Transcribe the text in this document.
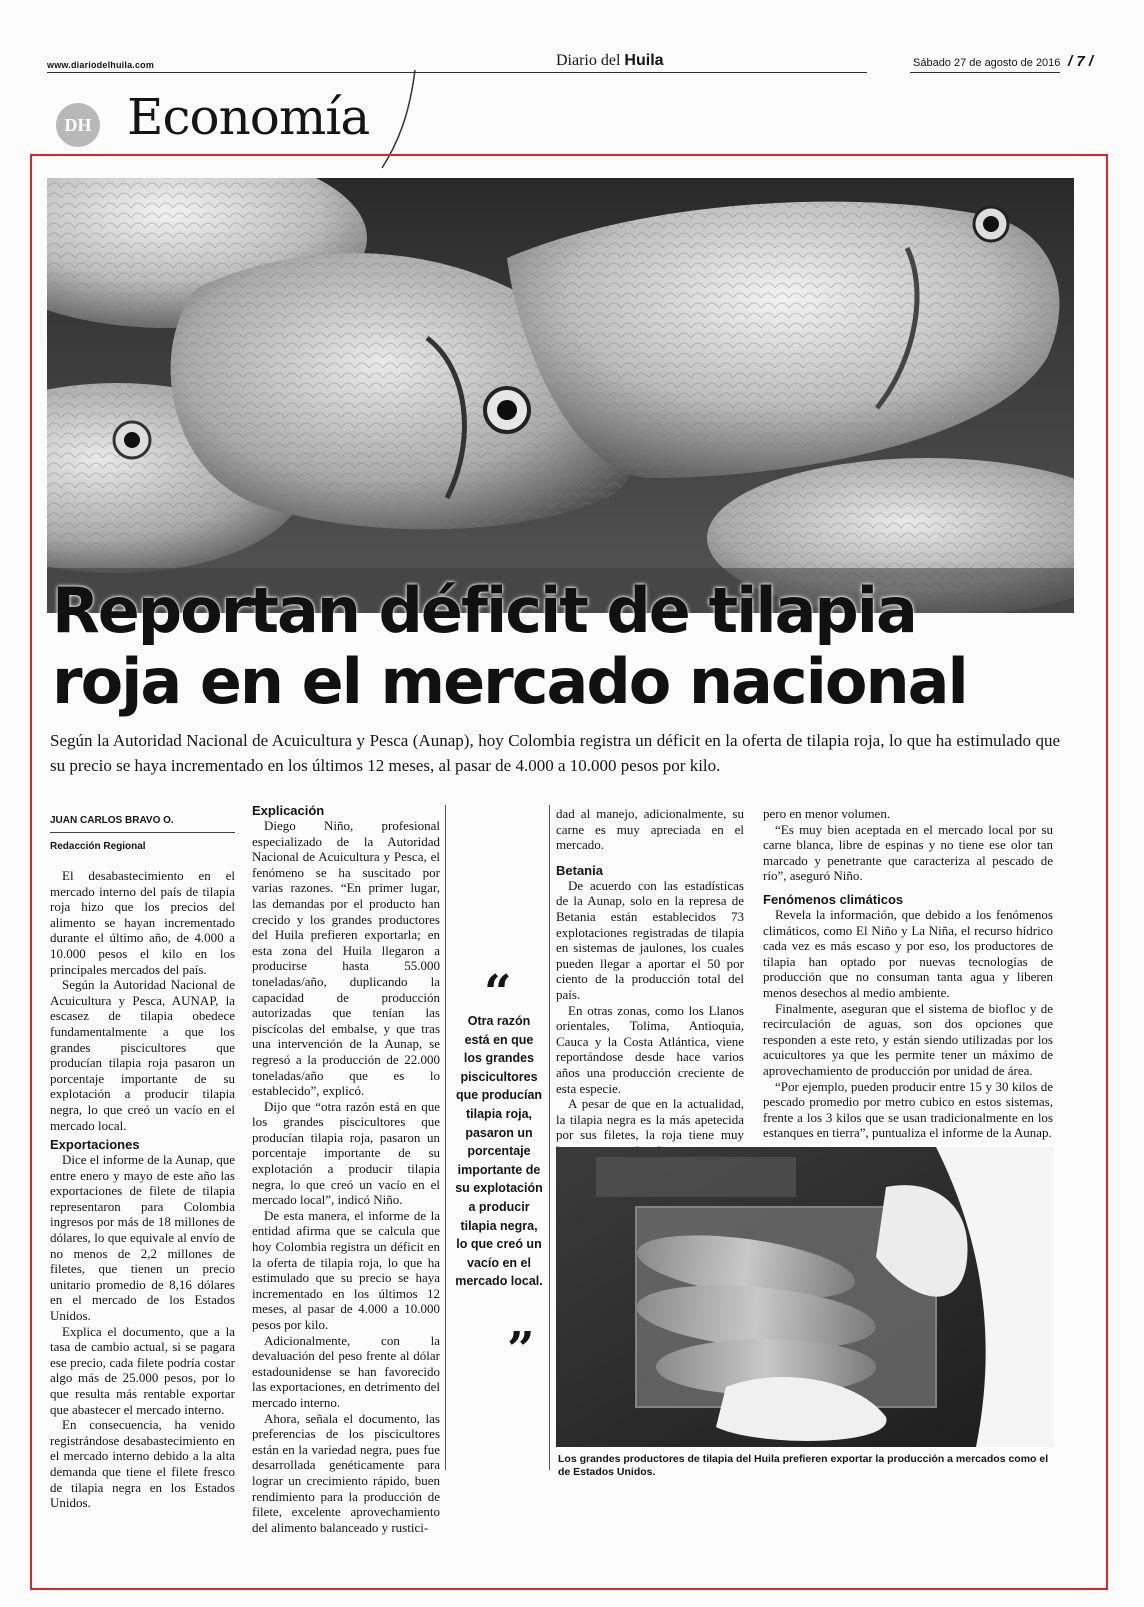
www.diariodelhuila.com	Diario del Huila	Sábado 27 de agosto de 2016 / 7 /
DH Economía
Reportan déficit de tilapia roja en el mercado nacional
Según la Autoridad Nacional de Acuicultura y Pesca (Aunap), hoy Colombia registra un déficit en la oferta de tilapia roja, lo que ha estimulado que su precio se haya incrementado en los últimos 12 meses, al pasar de 4.000 a 10.000 pesos por kilo.
JUAN CARLOS BRAVO O.
Redacción Regional

El desabastecimiento en el mercado interno del país de tilapia roja hizo que los precios del alimento se hayan incrementado durante el último año, de 4.000 a 10.000 pesos el kilo en los principales mercados del país.

Según la Autoridad Nacional de Acuicultura y Pesca, AUNAP, la escasez de tilapia obedece fundamentalmente a que los grandes piscicultores que producían tilapia roja pasaron un porcentaje importante de su explotación a producir tilapia negra, lo que creó un vacío en el mercado local.

Exportaciones

Dice el informe de la Aunap, que entre enero y mayo de este año las exportaciones de filete de tilapia representaron para Colombia ingresos por más de 18 millones de dólares, lo que equivale al envío de no menos de 2,2 millones de filetes, que tienen un precio unitario promedio de 8,16 dólares en el mercado de los Estados Unidos.

Explica el documento, que a la tasa de cambio actual, si se pagara ese precio, cada filete podría costar algo más de 25.000 pesos, por lo que resulta más rentable exportar que abastecer el mercado interno.

En consecuencia, ha venido registrándose desabastecimiento en el mercado interno debido a la alta demanda que tiene el filete fresco de tilapia negra en los Estados Unidos.

Explicación

Diego Niño, profesional especializado de la Autoridad Nacional de Acuicultura y Pesca, el fenómeno se ha suscitado por varias razones. “En primer lugar, las demandas por el producto han crecido y los grandes productores del Huila prefieren exportarla; en esta zona del Huila llegaron a producirse hasta 55.000 toneladas/año, duplicando la capacidad de producción autorizadas que tenían las piscícolas del embalse, y que tras una intervención de la Aunap, se regresó a la producción de 22.000 toneladas/año que es lo establecido”, explicó.

Dijo que “otra razón está en que los grandes piscicultores que producían tilapia roja, pasaron un porcentaje importante de su explotación a producir tilapia negra, lo que creó un vacío en el mercado local”, indicó Niño.

De esta manera, el informe de la entidad afirma que se calcula que hoy Colombia registra un déficit en la oferta de tilapia roja, lo que ha estimulado que su precio se haya incrementado en los últimos 12 meses, al pasar de 4.000 a 10.000 pesos por kilo.

Adicionalmente, con la devaluación del peso frente al dólar estadounidense se han favorecido las exportaciones, en detrimento del mercado interno.

Ahora, señala el documento, las preferencias de los piscicultores están en la variedad negra, pues fue desarrollada genéticamente para lograr un crecimiento rápido, buen rendimiento para la producción de filete, excelente aprovechamiento del alimento balanceado y rustici-

“
Otra razón está en que los grandes piscicultores que producían tilapia roja, pasaron un porcentaje importante de su explotación a producir tilapia negra, lo que creó un vacío en el mercado local.
”

dad al manejo, adicionalmente, su carne es muy apreciada en el mercado.

Betania

De acuerdo con las estadísticas de la Aunap, solo en la represa de Betania están establecidos 73 explotaciones registradas de tilapia en sistemas de jaulones, los cuales pueden llegar a aportar el 50 por ciento de la producción total del país.

En otras zonas, como los Llanos orientales, Tolima, Antioquia, Cauca y la Costa Atlántica, viene reportándose desde hace varios años una producción creciente de esta especie.

A pesar de que en la actualidad, la tilapia negra es la más apetecida por sus filetes, la roja tiene muy

pero en menor volumen.

“Es muy bien aceptada en el mercado local por su carne blanca, libre de espinas y no tiene ese olor tan marcado y penetrante que caracteriza al pescado de río”, aseguró Niño.

Fenómenos climáticos

Revela la información, que debido a los fenómenos climáticos, como El Niño y La Niña, el recurso hídrico cada vez es más escaso y por eso, los productores de tilapia han optado por nuevas tecnologías de producción que no consuman tanta agua y liberen menos desechos al medio ambiente.

Finalmente, aseguran que el sistema de biofloc y de recirculación de aguas, son dos opciones que responden a este reto, y están siendo utilizadas por los acuicultores ya que les permite tener un máximo de aprovechamiento de producción por unidad de área.

“Por ejemplo, pueden producir entre 15 y 30 kilos de pescado promedio por metro cubico en estos sistemas, frente a los 3 kilos que se usan tradicionalmente en los estanques en tierra”, puntualiza el informe de la Aunap.

Los grandes productores de tilapia del Huila prefieren exportar la producción a mercados como el de Estados Unidos.
